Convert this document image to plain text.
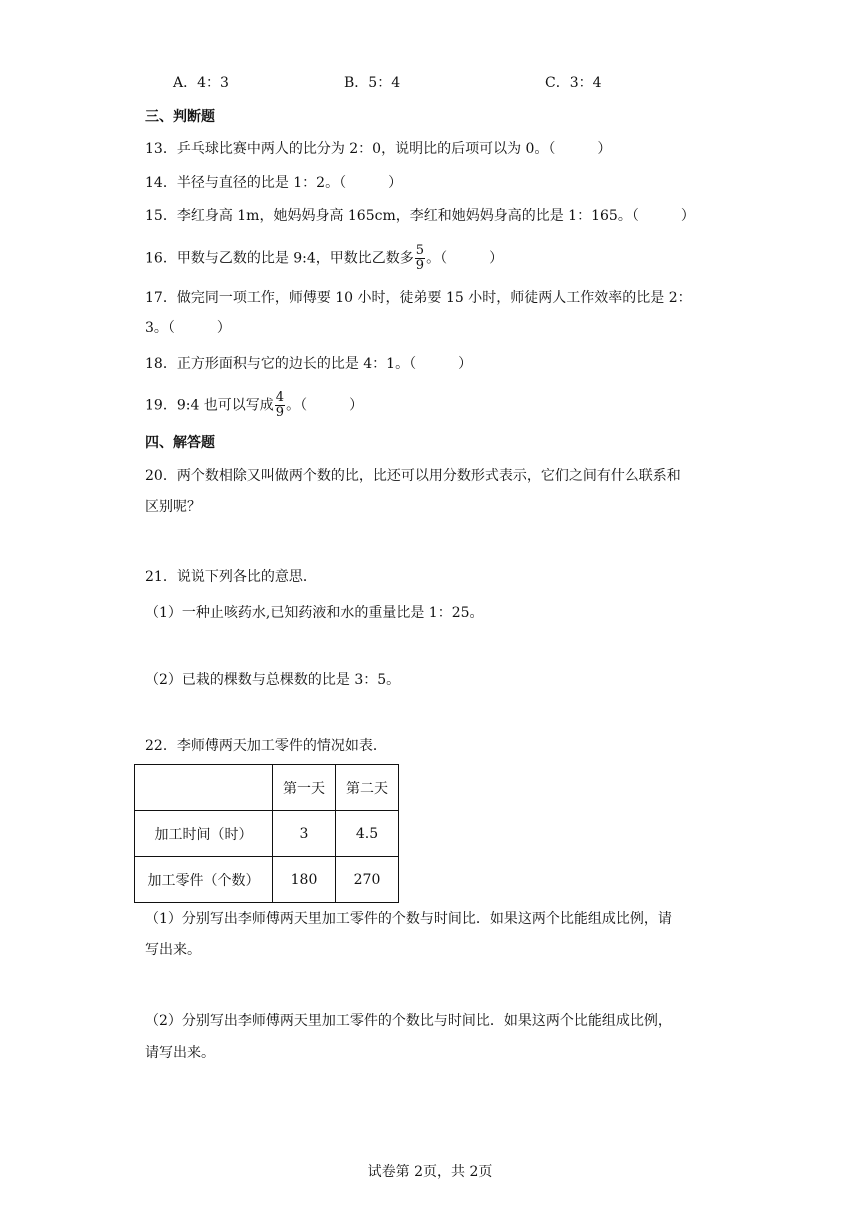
A．4：3	B．5：4	C．3：4
三、判断题
13．乒乓球比赛中两人的比分为 2：0，说明比的后项可以为 0。（　　　）
14．半径与直径的比是 1：2。（　　　）
15．李红身高 1m，她妈妈身高 165cm，李红和她妈妈身高的比是 1：165。（　　　）
16．甲数与乙数的比是 9:4，甲数比乙数多 $\frac{5}{9}$ 。（　　　）
17．做完同一项工作，师傅要 10 小时，徒弟要 15 小时，师徒两人工作效率的比是 2：
3。（　　　）
18．正方形面积与它的边长的比是 4：1。（　　　）
19．9:4 也可以写成 $\frac{4}{9}$ 。（　　　）
四、解答题
20．两个数相除又叫做两个数的比，比还可以用分数形式表示，它们之间有什么联系和
区别呢？
21．说说下列各比的意思．
（1）一种止咳药水,已知药液和水的重量比是 1：25。
（2）已栽的棵数与总棵数的比是 3：5。
22．李师傅两天加工零件的情况如表．
	第一天	第二天
加工时间（时）	3	4.5
加工零件（个数）	180	270
（1）分别写出李师傅两天里加工零件的个数与时间比．如果这两个比能组成比例，请
写出来。
（2）分别写出李师傅两天里加工零件的个数比与时间比．如果这两个比能组成比例，
请写出来。
试卷第 2页，共 2页
